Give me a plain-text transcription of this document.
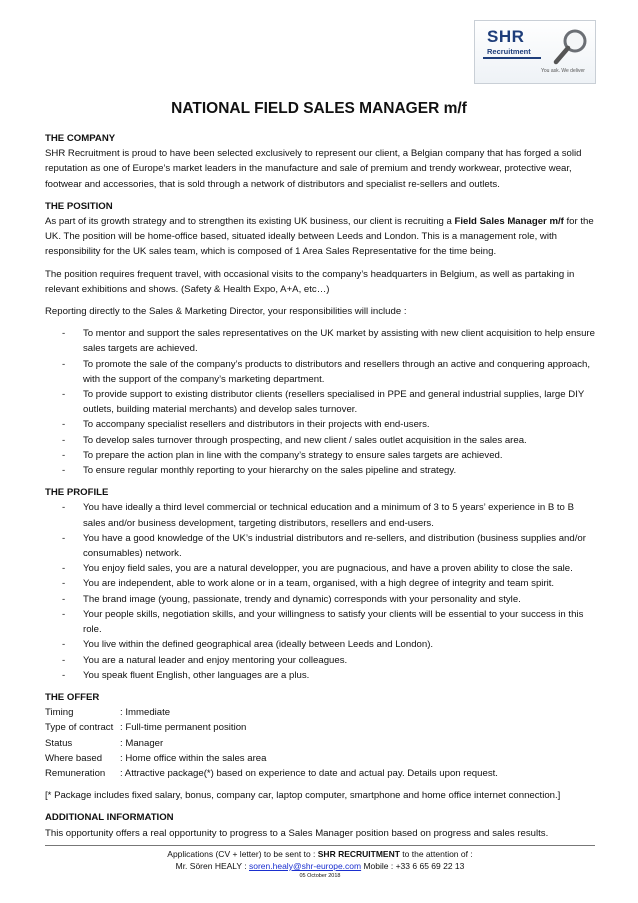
SHR
Recruitment
You ask. We deliver
NATIONAL FIELD SALES MANAGER m/f
THE COMPANY

SHR Recruitment is proud to have been selected exclusively to represent our client, a Belgian company that has forged a solid reputation as one of Europe’s market leaders in the manufacture and sale of premium and trendy workwear, protective wear, footwear and accessories, that is sold through a network of distributors and specialist re-sellers and outlets.

THE POSITION

As part of its growth strategy and to strengthen its existing UK business, our client is recruiting a Field Sales Manager m/f for the UK. The position will be home-office based, situated ideally between Leeds and London. This is a management role, with responsibility for the UK sales team, which is composed of 1 Area Sales Representative for the time being.

The position requires frequent travel, with occasional visits to the company’s headquarters in Belgium, as well as partaking in relevant exhibitions and shows. (Safety & Health Expo, A+A, etc…)

Reporting directly to the Sales & Marketing Director, your responsibilities will include :

- To mentor and support the sales representatives on the UK market by assisting with new client acquisition to help ensure sales targets are achieved.
- To promote the sale of the company’s products to distributors and resellers through an active and conquering approach, with the support of the company’s marketing department.
- To provide support to existing distributor clients (resellers specialised in PPE and general industrial supplies, large DIY outlets, building material merchants) and develop sales turnover.
- To accompany specialist resellers and distributors in their projects with end-users.
- To develop sales turnover through prospecting, and new client / sales outlet acquisition in the sales area.
- To prepare the action plan in line with the company’s strategy to ensure sales targets are achieved.
- To ensure regular monthly reporting to your hierarchy on the sales pipeline and strategy.
THE PROFILE
- You have ideally a third level commercial or technical education and a minimum of 3 to 5 years’ experience in B to B sales and/or business development, targeting distributors, resellers and end-users.
- You have a good knowledge of the UK’s industrial distributors and re-sellers, and distribution (business supplies and/or consumables) network.
- You enjoy field sales, you are a natural developper, you are pugnacious, and have a proven ability to close the sale.
- You are independent, able to work alone or in a team, organised, with a high degree of integrity and team spirit.
- The brand image (young, passionate, trendy and dynamic) corresponds with your personality and style.
- Your people skills, negotiation skills, and your willingness to satisfy your clients will be essential to your success in this role.
- You live within the defined geographical area (ideally between Leeds and London).
- You are a natural leader and enjoy mentoring your colleagues.
- You speak fluent English, other languages are a plus.
THE OFFER
Timing	: Immediate
Type of contract : Full-time permanent position
Status	: Manager
Where based	: Home office within the sales area
Remuneration	: Attractive package(*) based on experience to date and actual pay. Details upon request.

[* Package includes fixed salary, bonus, company car, laptop computer, smartphone and home office internet connection.]

ADDITIONAL INFORMATION

This opportunity offers a real opportunity to progress to a Sales Manager position based on progress and sales results.

Applications (CV + letter) to be sent to : SHR RECRUITMENT to the attention of :
Mr. Sören HEALY : soren.healy@shr-europe.com Mobile : +33 6 65 69 22 13
05 October 2018
